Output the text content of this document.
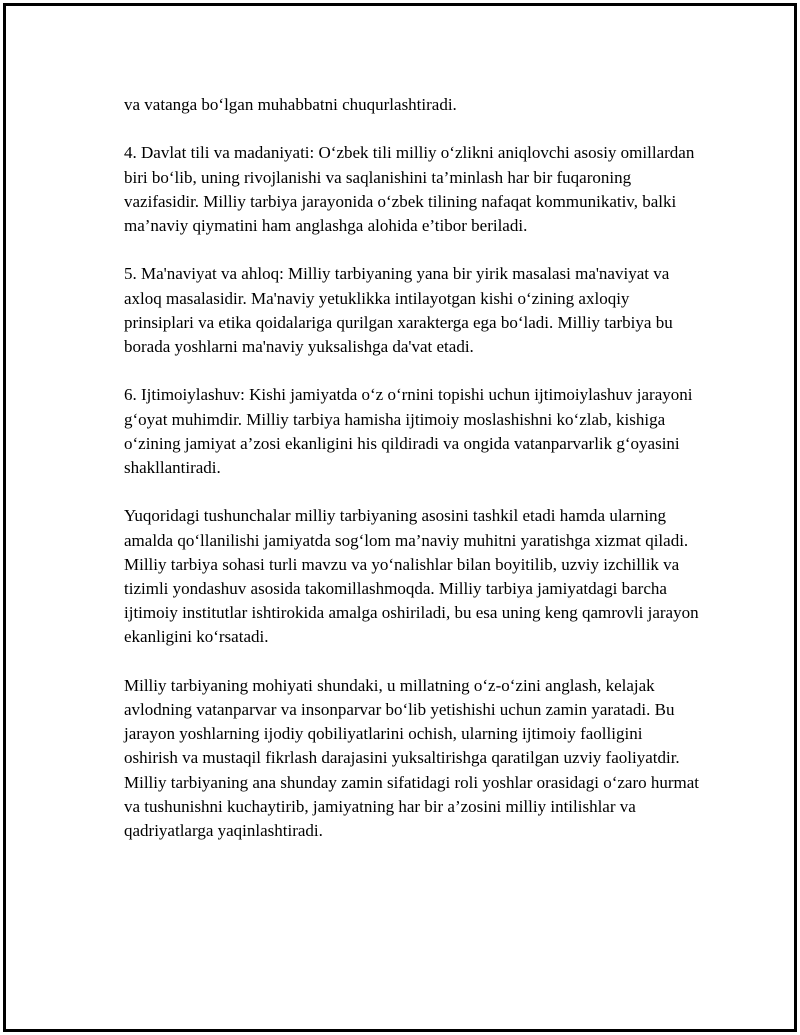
va vatanga bo‘lgan muhabbatni chuqurlashtiradi.

4. Davlat tili va madaniyati: O‘zbek tili milliy o‘zlikni aniqlovchi asosiy omillardan biri bo‘lib, uning rivojlanishi va saqlanishini ta’minlash har bir fuqaroning vazifasidir. Milliy tarbiya jarayonida o‘zbek tilining nafaqat kommunikativ, balki ma’naviy qiymatini ham anglashga alohida e’tibor beriladi.

5. Ma'naviyat va ahloq: Milliy tarbiyaning yana bir yirik masalasi ma'naviyat va axloq masalasidir. Ma'naviy yetuklikka intilayotgan kishi o‘zining axloqiy prinsiplari va etika qoidalariga qurilgan xarakterga ega bo‘ladi. Milliy tarbiya bu borada yoshlarni ma'naviy yuksalishga da'vat etadi.

6. Ijtimoiylashuv: Kishi jamiyatda o‘z o‘rnini topishi uchun ijtimoiylashuv jarayoni g‘oyat muhimdir. Milliy tarbiya hamisha ijtimoiy moslashishni ko‘zlab, kishiga o‘zining jamiyat a’zosi ekanligini his qildiradi va ongida vatanparvarlik g‘oyasini shakllantiradi.

Yuqoridagi tushunchalar milliy tarbiyaning asosini tashkil etadi hamda ularning amalda qo‘llanilishi jamiyatda sog‘lom ma’naviy muhitni yaratishga xizmat qiladi. Milliy tarbiya sohasi turli mavzu va yo‘nalishlar bilan boyitilib, uzviy izchillik va tizimli yondashuv asosida takomillashmoqda. Milliy tarbiya jamiyatdagi barcha ijtimoiy institutlar ishtirokida amalga oshiriladi, bu esa uning keng qamrovli jarayon ekanligini ko‘rsatadi.

Milliy tarbiyaning mohiyati shundaki, u millatning o‘z-o‘zini anglash, kelajak avlodning vatanparvar va insonparvar bo‘lib yetishishi uchun zamin yaratadi. Bu jarayon yoshlarning ijodiy qobiliyatlarini ochish, ularning ijtimoiy faolligini oshirish va mustaqil fikrlash darajasini yuksaltirishga qaratilgan uzviy faoliyatdir. Milliy tarbiyaning ana shunday zamin sifatidagi roli yoshlar orasidagi o‘zaro hurmat va tushunishni kuchaytirib, jamiyatning har bir a’zosini milliy intilishlar va qadriyatlarga yaqinlashtiradi.
